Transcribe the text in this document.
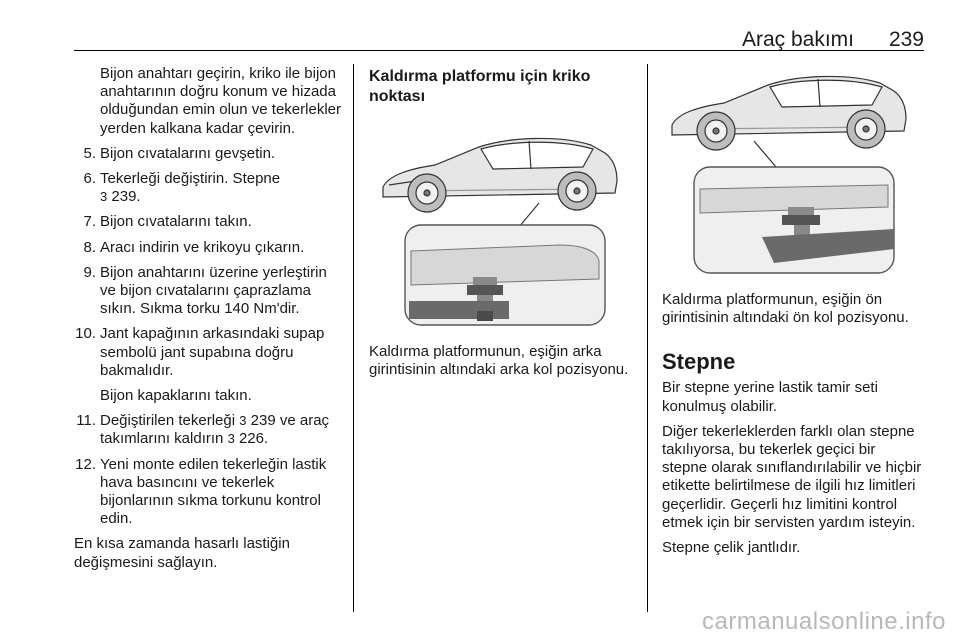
Araç bakımı 239

Bijon anahtarı geçirin, kriko ile bijon anahtarının doğru konum ve hizada olduğundan emin olun ve tekerlekler yerden kalkana kadar çevirin.

5. Bijon cıvatalarını gevşetin.
6. Tekerleği değiştirin. Stepne
3 239.
7. Bijon cıvatalarını takın.
8. Aracı indirin ve krikoyu çıkarın.
9. Bijon anahtarını üzerine yerleştirin ve bijon cıvatalarını çaprazlama sıkın. Sıkma torku 140 Nm'dir.
10. Jant kapağının arkasındaki supap sembolü jant supabına doğru bakmalıdır.

Bijon kapaklarını takın.

11. Değiştirilen tekerleği 3 239 ve araç takımlarını kaldırın 3 226.
12. Yeni monte edilen tekerleğin lastik hava basıncını ve tekerlek bijonlarının sıkma torkunu kontrol edin.

En kısa zamanda hasarlı lastiğin değişmesini sağlayın.

Kaldırma platformu için kriko noktası

Kaldırma platformunun, eşiğin arka girintisinin altındaki arka kol pozisyonu.

Kaldırma platformunun, eşiğin ön girintisinin altındaki ön kol pozisyonu.

Stepne

Bir stepne yerine lastik tamir seti konulmuş olabilir.

Diğer tekerleklerden farklı olan stepne takılıyorsa, bu tekerlek geçici bir stepne olarak sınıflandırılabilir ve hiçbir etikette belirtilmese de ilgili hız limitleri geçerlidir. Geçerli hız limitini kontrol etmek için bir servisten yardım isteyin.

Stepne çelik jantlıdır.

carmanualsonline.info
